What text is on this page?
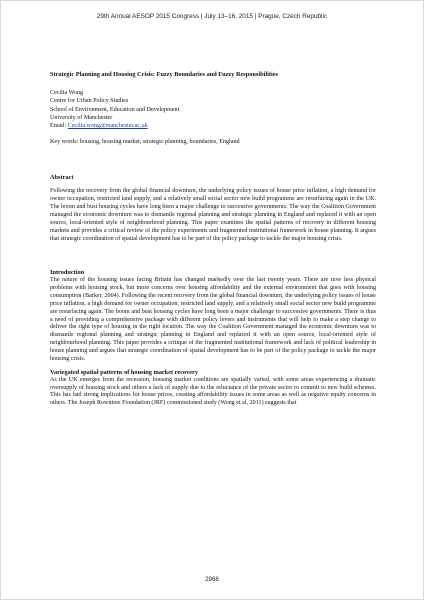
29th Annual AESOP 2015 Congress | July 13–16, 2015 | Prague, Czech Republic
Strategic Planning and Housing Crisis: Fuzzy Boundaries and Fuzzy Responsibilities
Cecilia Wong
Centre for Urban Policy Studies
School of Environment, Education and Development
University of Manchester
Email: Cecilia.wong@manchester.ac.uk
Key words: housing, housing market, strategic planning, boundaries, England
Abstract

Following the recovery from the global financial downturn, the underlying policy issues of house price inflation, a high demand for owner occupation, restricted land supply, and a relatively small social sector new build programme are resurfacing again in the UK. The boom and bust housing cycles have long been a major challenge to successive governments. The way the Coalition Government managed the economic downturn was to dismantle regional planning and strategic planning in England and replaced it with an open source, local-oriented style of neighbourhood planning. This paper examines the spatial patterns of recovery in different housing markets and provides a critical review of the policy experiments and fragmented institutional framework in house planning. It argues that strategic coordination of spatial development has to be part of the policy package to tackle the major housing crisis.

Introduction

The nature of the housing issues facing Britain has changed markedly over the last twenty years. There are now less physical problems with housing stock, but more concerns over housing affordability and the external environment that goes with housing consumption (Barker, 2004). Following the recent recovery from the global financial downturn, the underlying policy issues of house price inflation, a high demand for owner occupation, restricted land supply, and a relatively small social sector new build programme are resurfacing again. The boom and bust housing cycles have long been a major challenge to successive governments. There is thus a need of providing a comprehensive package with different policy levers and instruments that will help to make a step change to deliver the right type of housing in the right location. The way the Coalition Government managed the economic downturn was to dismantle regional planning and strategic planning in England and replaced it with an open source, local-oriented style of neighbourhood planning. This paper provides a critique of the fragmented institutional framework and lack of political leadership in house planning and argues that strategic coordination of spatial development has to be part of the policy package to tackle the major housing crisis.

Variegated spatial patterns of housing market recovery

As the UK emerges from the recession, housing market conditions are spatially varied, with some areas experiencing a dramatic oversupply of housing stock and others a lack of supply due to the reluctance of the private sector to commit to new build schemes. This has had strong implications for house prices, creating affordability issues in some areas as well as negative equity concerns in others. The Joseph Rowntree Foundation (JRF) commissioned study (Wong et al, 2011) suggests that

2968
